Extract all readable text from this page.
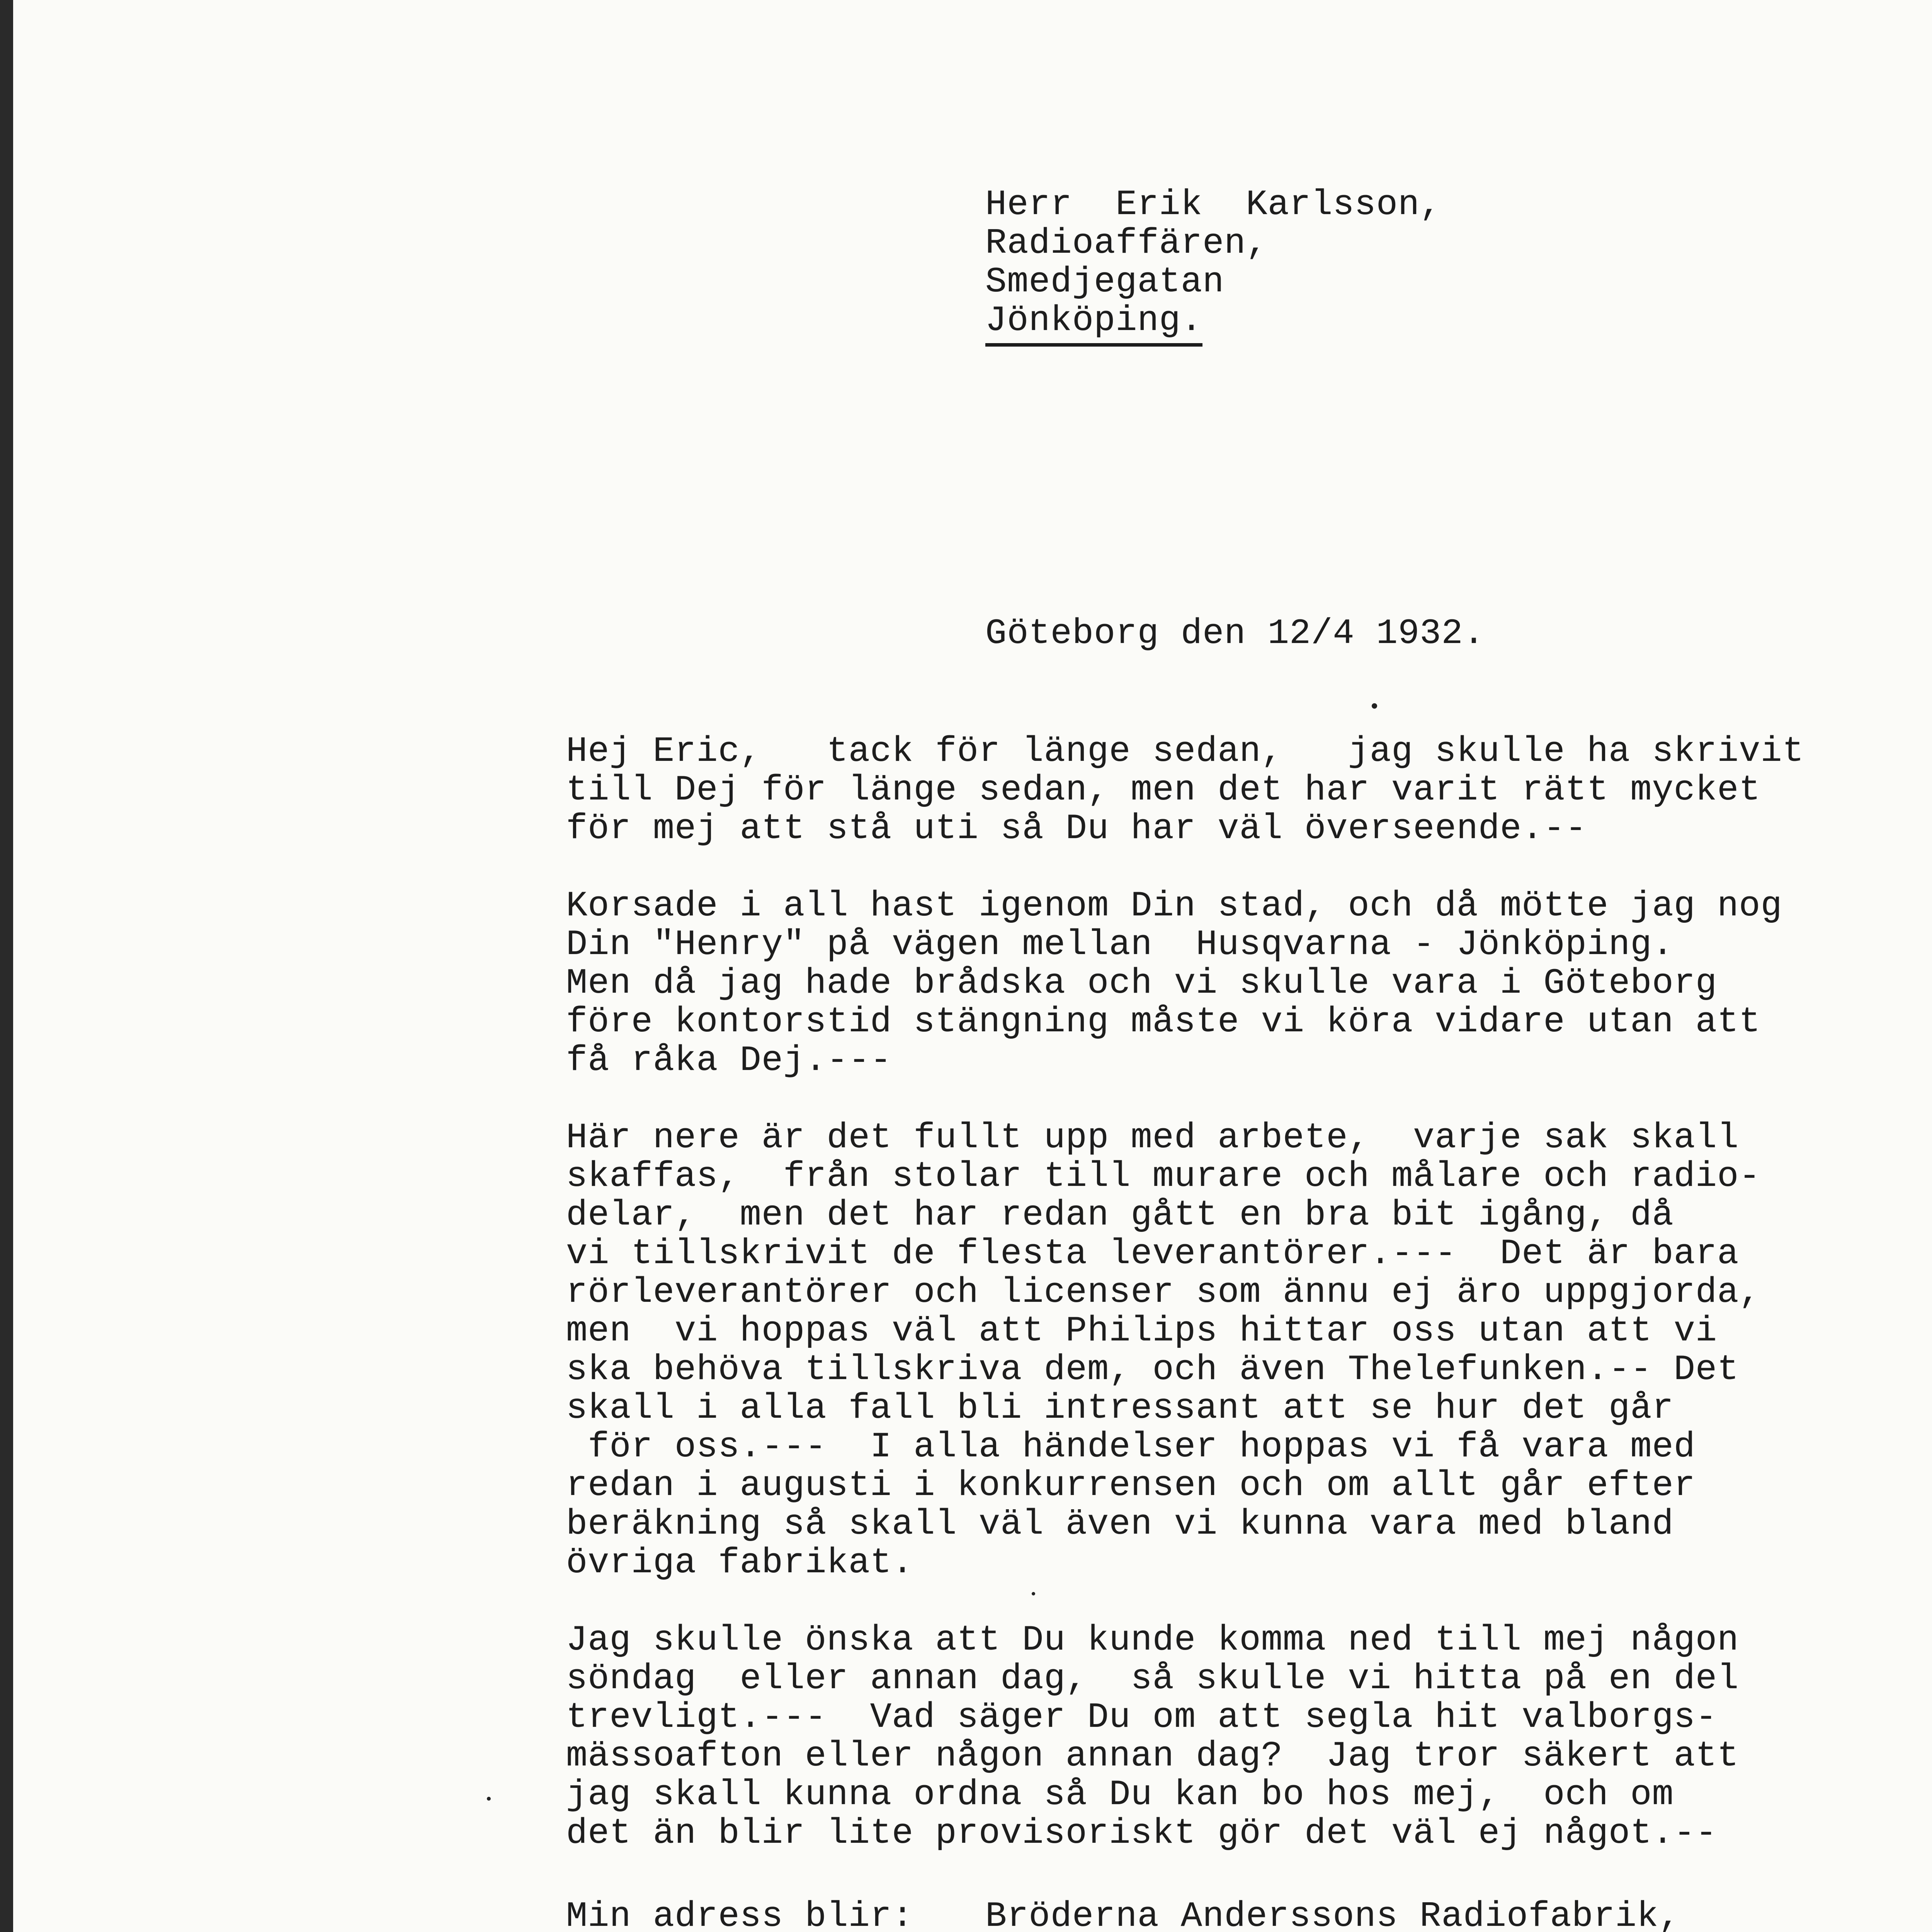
Herr  Erik  Karlsson,
Radioaffären,
Smedjegatan
Jönköping.
Göteborg den 12/4 1932.
Hej Eric,   tack för länge sedan,   jag skulle ha skrivit
till Dej för länge sedan, men det har varit rätt mycket
för mej att stå uti så Du har väl överseende.--
Korsade i all hast igenom Din stad, och då mötte jag nog
Din "Henry" på vägen mellan  Husqvarna - Jönköping.
Men då jag hade brådska och vi skulle vara i Göteborg
före kontorstid stängning måste vi köra vidare utan att
få råka Dej.---
Här nere är det fullt upp med arbete,  varje sak skall
skaffas,  från stolar till murare och målare och radio-
delar,  men det har redan gått en bra bit igång, då
vi tillskrivit de flesta leverantörer.---  Det är bara
rörleverantörer och licenser som ännu ej äro uppgjorda,
men  vi hoppas väl att Philips hittar oss utan att vi
ska behöva tillskriva dem, och även Thelefunken.-- Det
skall i alla fall bli intressant att se hur det går
för oss.---  I alla händelser hoppas vi få vara med
redan i augusti i konkurrensen och om allt går efter
beräkning så skall väl även vi kunna vara med bland
övriga fabrikat.
Jag skulle önska att Du kunde komma ned till mej någon
söndag  eller annan dag,  så skulle vi hitta på en del
trevligt.---  Vad säger Du om att segla hit valborgs-
mässoafton eller någon annan dag?  Jag tror säkert att
jag skall kunna ordna så Du kan bo hos mej,  och om
det än blir lite provisoriskt gör det väl ej något.--
Min adress blir: Bröderna Anderssons Radiofabrik,
